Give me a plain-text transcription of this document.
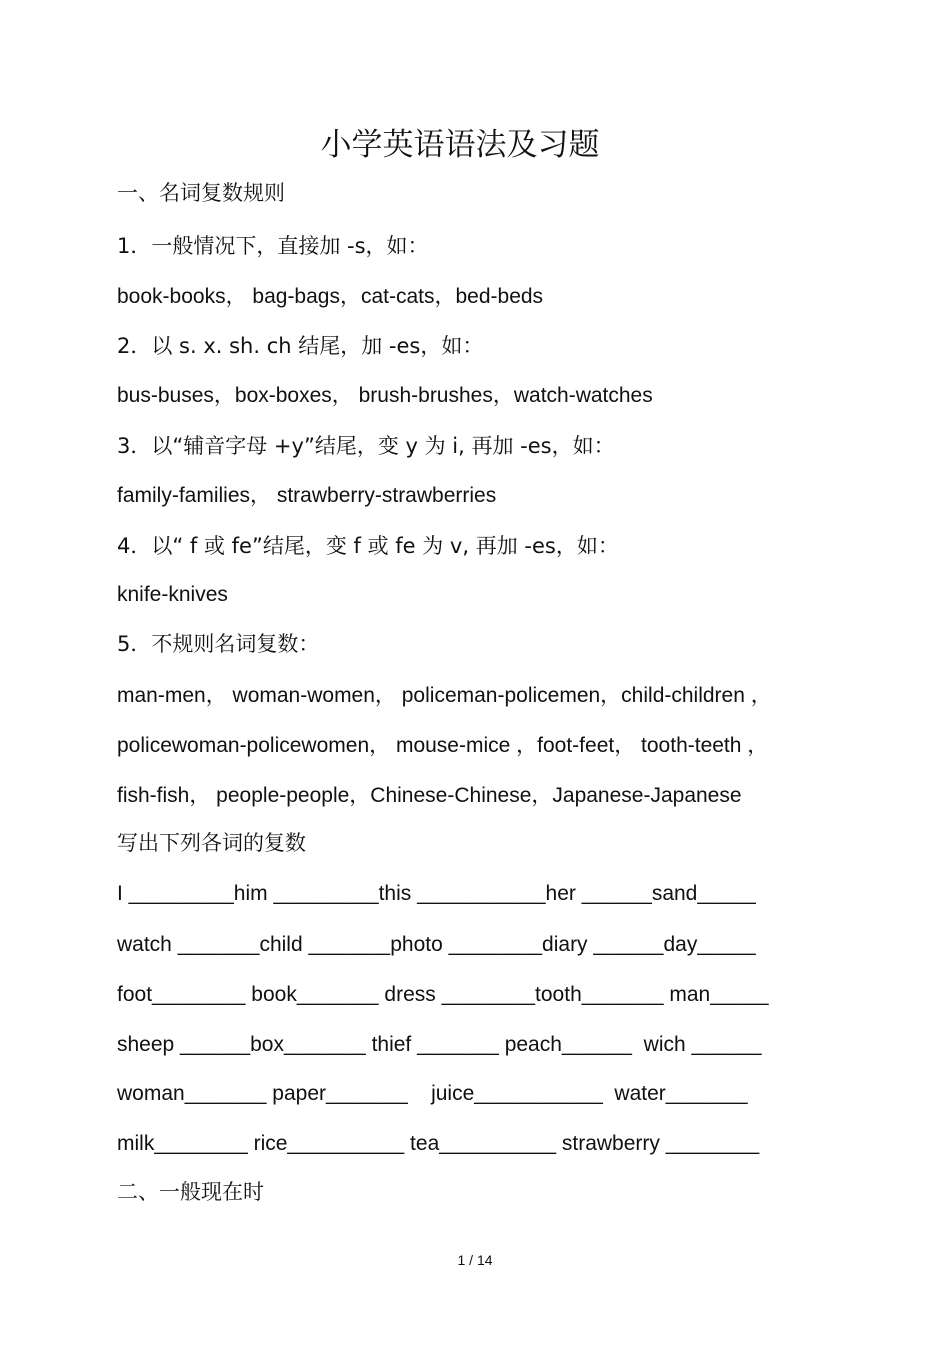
小学英语语法及习题
一、名词复数规则
1．一般情况下，直接加 -s，如：
book-books， bag-bags，cat-cats，bed-beds
2．以 s. x. sh. ch 结尾，加 -es，如：
bus-buses，box-boxes， brush-brushes，watch-watches
3．以“辅音字母 +y”结尾，变 y 为 i, 再加 -es，如：
family-families， strawberry-strawberries
4．以“ f 或 fe”结尾，变 f 或 fe 为 v, 再加 -es，如：
knife-knives
5．不规则名词复数：
man-men， woman-women， policeman-policemen，child-children ，
policewoman-policewomen， mouse-mice ，foot-feet， tooth-teeth ，
fish-fish， people-people，Chinese-Chinese，Japanese-Japanese
写出下列各词的复数
I _________him _________this ___________her ______sand_____
watch _______child _______photo ________diary ______day_____
foot________ book_______ dress ________tooth_______ man_____
sheep ______box_______ thief _______ peach______  wich ______
woman_______ paper_______    juice___________  water_______
milk________ rice__________ tea__________ strawberry ________
二、一般现在时
1 / 14
